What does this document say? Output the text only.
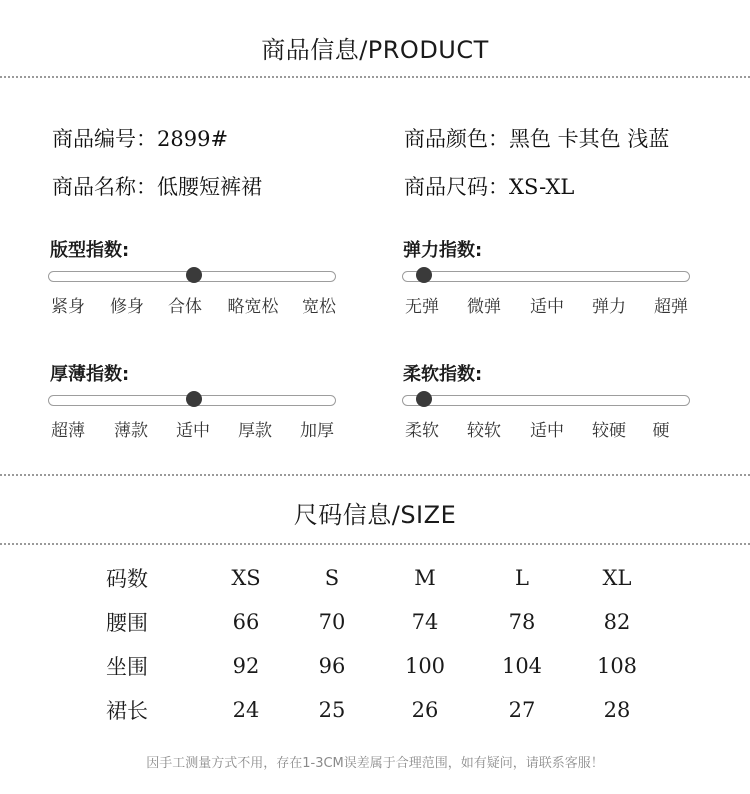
商品信息/PRODUCT
商品编号：2899#	商品颜色：黑色 卡其色 浅蓝
商品名称：低腰短裤裙	商品尺码：XS-XL
版型指数:
紧身 修身 合体 略宽松 宽松
弹力指数:
无弹 微弹 适中 弹力 超弹
厚薄指数:
超薄 薄款 适中 厚款 加厚
柔软指数:
柔软 较软 适中 较硬 硬
尺码信息/SIZE
码数	XS	S	M	L	XL
腰围	66	70	74	78	82
坐围	92	96	100	104	108
裙长	24	25	26	27	28
因手工测量方式不用，存在1-3CM误差属于合理范围，如有疑问，请联系客服！
